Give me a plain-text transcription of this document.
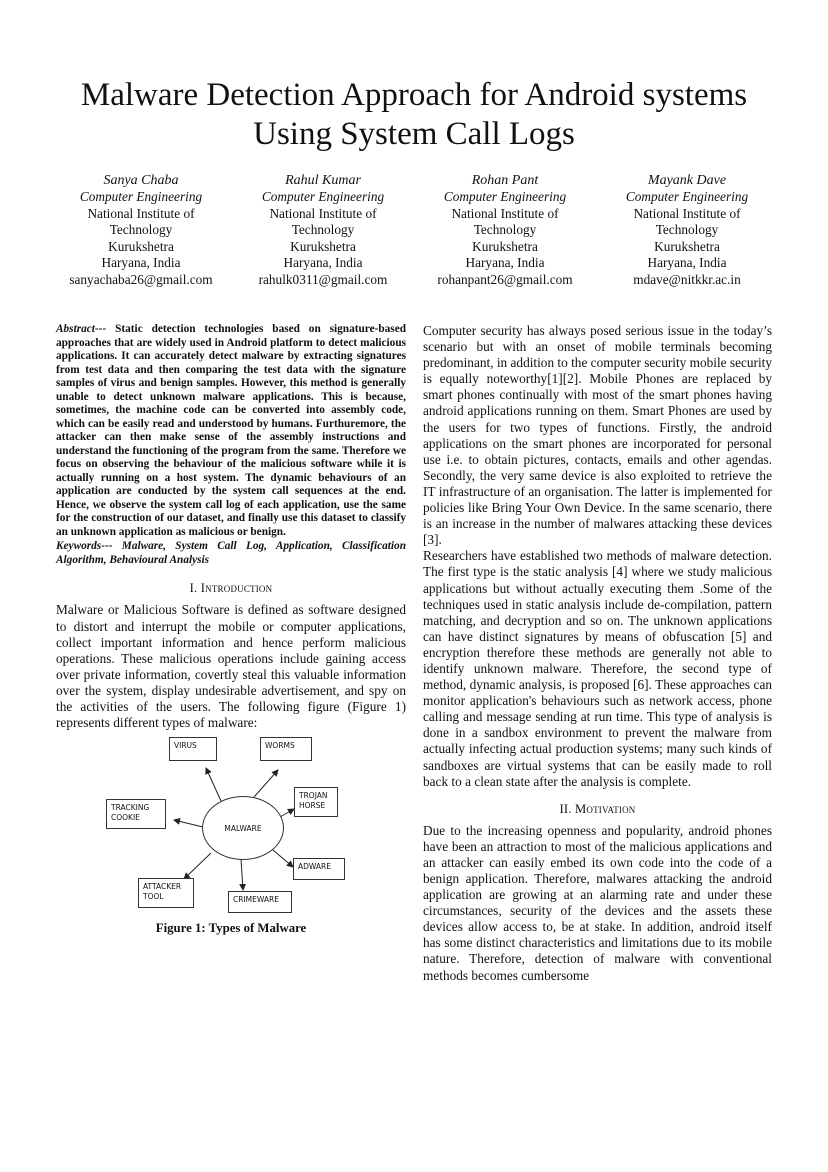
Malware Detection Approach for Android systems Using System Call Logs
Sanya Chaba
Computer Engineering
National Institute of
Technology
Kurukshetra
Haryana, India
sanyachaba26@gmail.com
Rahul Kumar
Computer Engineering
National Institute of
Technology
Kurukshetra
Haryana, India
rahulk0311@gmail.com
Rohan Pant
Computer Engineering
National Institute of
Technology
Kurukshetra
Haryana, India
rohanpant26@gmail.com
Mayank Dave
Computer Engineering
National Institute of
Technology
Kurukshetra
Haryana, India
mdave@nitkkr.ac.in

Abstract--- Static detection technologies based on signature-based approaches that are widely used in Android platform to detect malicious applications. It can accurately detect malware by extracting signatures from test data and then comparing the test data with the signature samples of virus and benign samples. However, this method is generally unable to detect unknown malware applications. This is because, sometimes, the machine code can be converted into assembly code, which can be easily read and understood by humans. Furthuremore, the attacker can then make sense of the assembly instructions and understand the functioning of the program from the same. Therefore we focus on observing the behaviour of the malicious software while it is actually running on a host system. The dynamic behaviours of an application are conducted by the system call sequences at the end. Hence, we observe the system call log of each application, use the same for the construction of our dataset, and finally use this dataset to classify an unknown application as malicious or benign.

Keywords--- Malware, System Call Log, Application, Classification Algorithm, Behavioural Analysis

I. Introduction

Malware or Malicious Software is defined as software designed to distort and interrupt the mobile or computer applications, collect important information and hence perform malicious operations. These malicious operations include gaining access over private information, covertly steal this valuable information over the system, display undesirable advertisement, and spy on the activities of the users. The following figure (Figure 1) represents different types of malware:

MALWARE
VIRUS	WORMS
TROJAN
HORSE
TRACKING
COOKIE
ADWARE
ATTACKER
TOOL	CRIMEWARE
Figure 1: Types of Malware

Computer security has always posed serious issue in the today’s scenario but with an onset of mobile terminals becoming predominant, in addition to the computer security mobile security is equally noteworthy[1][2]. Mobile Phones are replaced by smart phones continually with most of the smart phones having android applications running on them. Smart Phones are used by the users for two types of functions. Firstly, the android applications on the smart phones are incorporated for personal use i.e. to obtain pictures, contacts, emails and other agendas. Secondly, the very same device is also exploited to retrieve the IT infrastructure of an organisation. The latter is implemented for policies like Bring Your Own Device. In the same scenario, there is an increase in the number of malwares attacking these devices [3].

Researchers have established two methods of malware detection. The first type is the static analysis [4] where we study malicious applications but without actually executing them .Some of the techniques used in static analysis include de-compilation, pattern matching, and decryption and so on. The unknown applications can have distinct signatures by means of obfuscation [5] and encryption therefore these methods are generally not able to identify unknown malware. Therefore, the second type of method, dynamic analysis, is proposed [6]. These approaches can monitor application's behaviours such as network access, phone calling and message sending at run time. This type of analysis is done in a sandbox environment to prevent the malware from actually infecting actual production systems; many such kinds of sandboxes are virtual systems that can be easily made to roll back to a clean state after the analysis is complete.

II. Motivation

Due to the increasing openness and popularity, android phones have been an attraction to most of the malicious applications and an attacker can easily embed its own code into the code of a benign application. Therefore, malwares attacking the android application are growing at an alarming rate and under these circumstances, security of the devices and the assets these devices allow access to, be at stake. In addition, android itself has some distinct characteristics and limitations due to its mobile nature. Therefore, detection of malware with conventional methods becomes cumbersome
